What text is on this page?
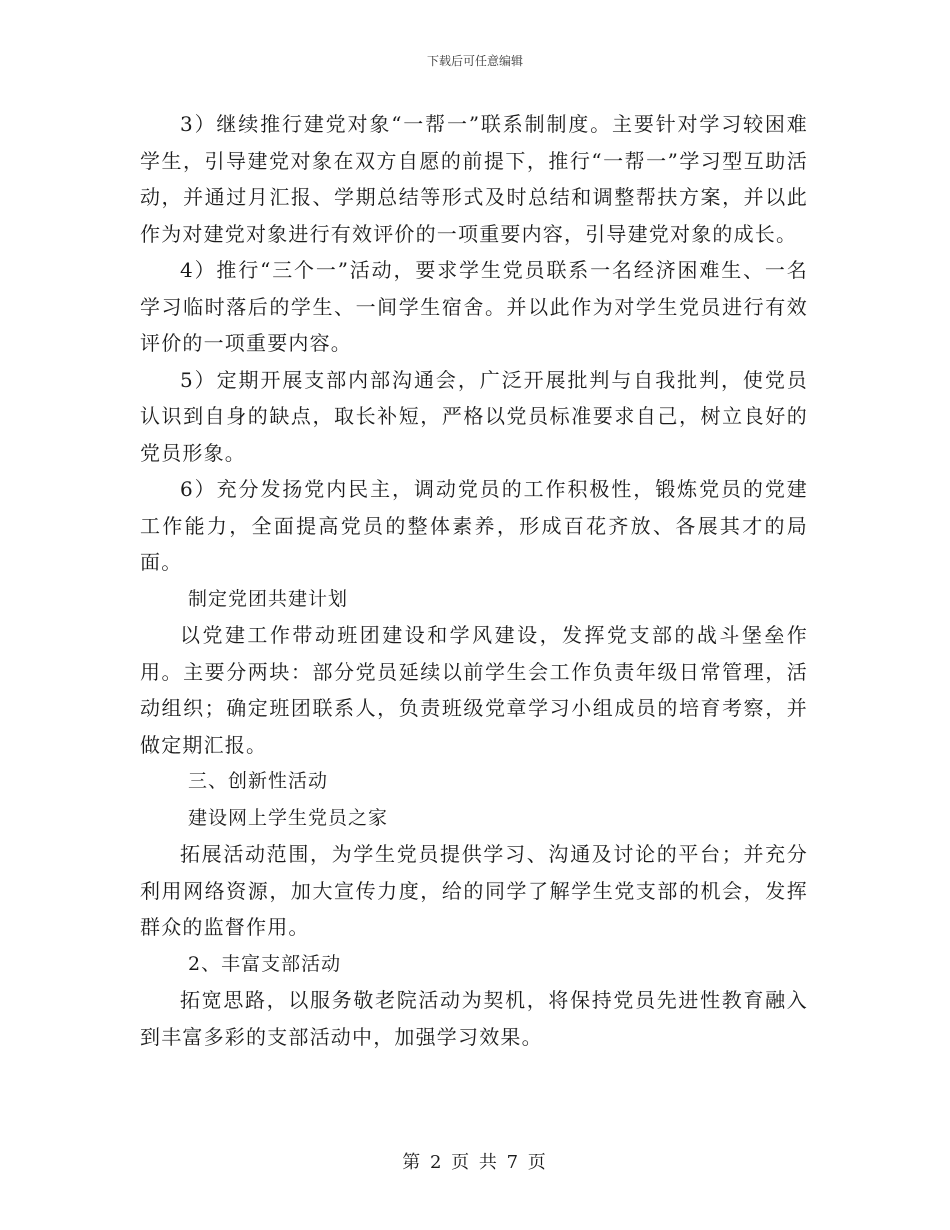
下载后可任意编辑

3）继续推行建党对象“一帮一”联系制制度。主要针对学习较困难学生，引导建党对象在双方自愿的前提下，推行“一帮一”学习型互助活动，并通过月汇报、学期总结等形式及时总结和调整帮扶方案，并以此作为对建党对象进行有效评价的一项重要内容，引导建党对象的成长。

4）推行“三个一”活动，要求学生党员联系一名经济困难生、一名学习临时落后的学生、一间学生宿舍。并以此作为对学生党员进行有效评价的一项重要内容。

5）定期开展支部内部沟通会，广泛开展批判与自我批判，使党员认识到自身的缺点，取长补短，严格以党员标准要求自己，树立良好的党员形象。

6）充分发扬党内民主，调动党员的工作积极性，锻炼党员的党建工作能力，全面提高党员的整体素养，形成百花齐放、各展其才的局面。

制定党团共建计划

以党建工作带动班团建设和学风建设，发挥党支部的战斗堡垒作用。主要分两块：部分党员延续以前学生会工作负责年级日常管理，活动组织；确定班团联系人，负责班级党章学习小组成员的培育考察，并做定期汇报。

三、创新性活动

建设网上学生党员之家

拓展活动范围，为学生党员提供学习、沟通及讨论的平台；并充分利用网络资源，加大宣传力度，给的同学了解学生党支部的机会，发挥群众的监督作用。

2、丰富支部活动

拓宽思路，以服务敬老院活动为契机，将保持党员先进性教育融入到丰富多彩的支部活动中，加强学习效果。

第 2 页 共 7 页
